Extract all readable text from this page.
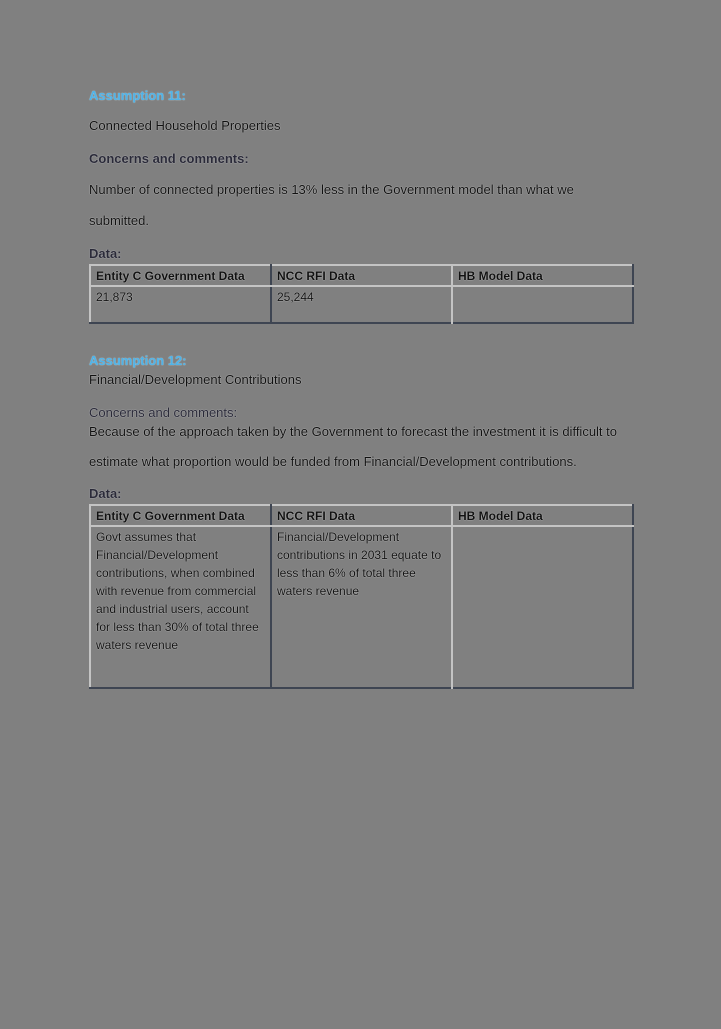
Assumption 11:
Connected Household Properties
Concerns and comments:
Number of connected properties is 13% less in the Government model than what we
submitted.
Data:
Entity C Government Data	NCC RFI Data	HB Model Data
21,873	25,244	
Assumption 12:
Financial/Development Contributions
Concerns and comments:
Because of the approach taken by the Government to forecast the investment it is difficult to
estimate what proportion would be funded from Financial/Development contributions.
Data:
Entity C Government Data	NCC RFI Data	HB Model Data
Govt assumes that Financial/Development contributions, when combined with revenue from commercial and industrial users, account for less than 30% of total three waters revenue	Financial/Development contributions in 2031 equate to less than 6% of total three waters revenue	
